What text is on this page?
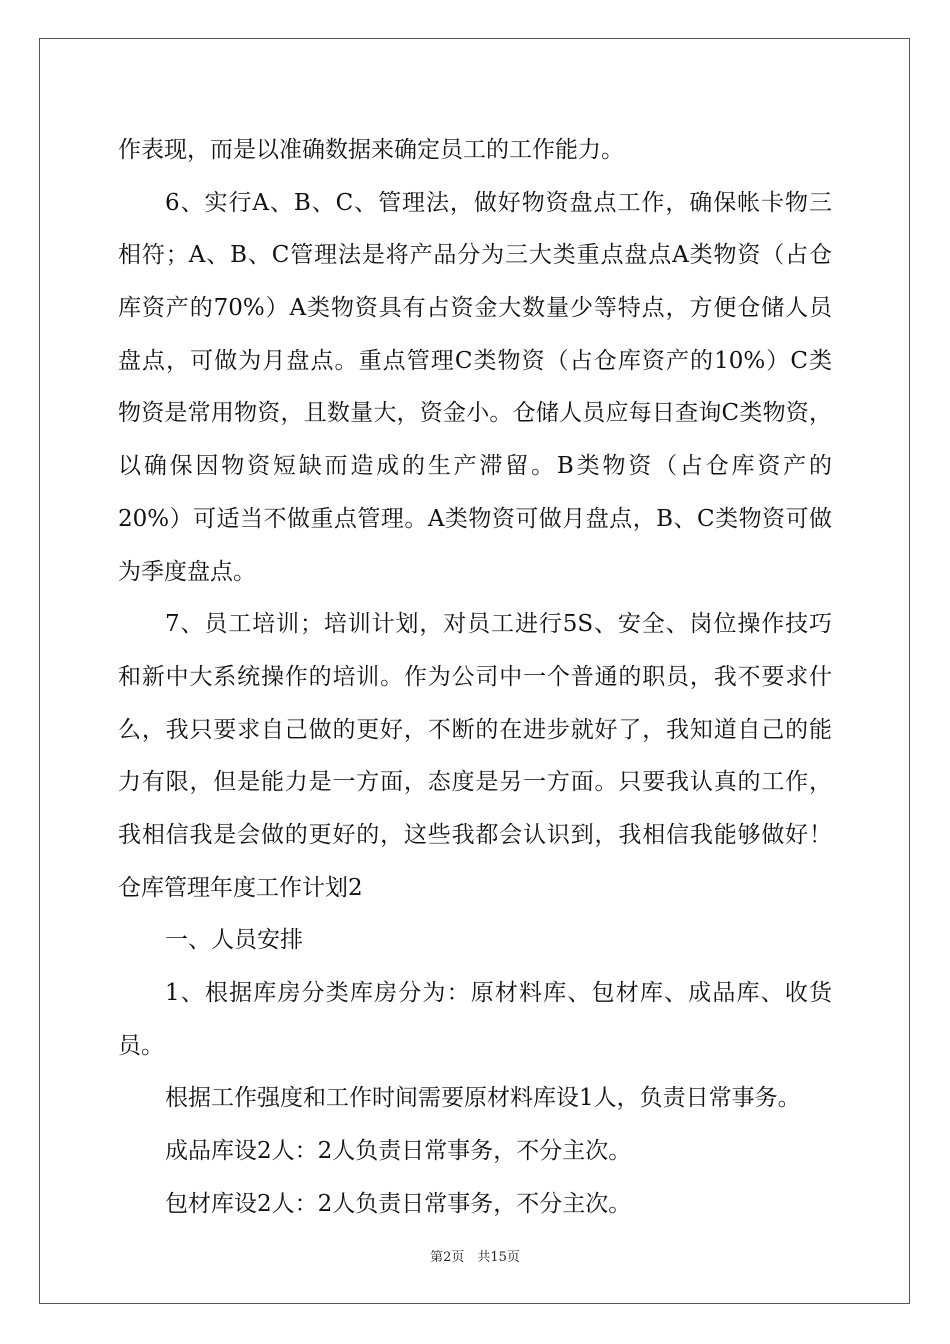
作表现，而是以准确数据来确定员工的工作能力。
6、实行A、B、C、管理法，做好物资盘点工作，确保帐卡物三
相符；A、B、C管理法是将产品分为三大类重点盘点A类物资（占仓
库资产的70%）A类物资具有占资金大数量少等特点，方便仓储人员
盘点，可做为月盘点。重点管理C类物资（占仓库资产的10%）C类
物资是常用物资，且数量大，资金小。仓储人员应每日查询C类物资，
以确保因物资短缺而造成的生产滞留。B类物资（占仓库资产的
20%）可适当不做重点管理。A类物资可做月盘点，B、C类物资可做
为季度盘点。
7、员工培训；培训计划，对员工进行5S、安全、岗位操作技巧
和新中大系统操作的培训。作为公司中一个普通的职员，我不要求什
么，我只要求自己做的更好，不断的在进步就好了，我知道自己的能
力有限，但是能力是一方面，态度是另一方面。只要我认真的工作，
我相信我是会做的更好的，这些我都会认识到，我相信我能够做好！
仓库管理年度工作计划2
一、人员安排
1、根据库房分类库房分为：原材料库、包材库、成品库、收货
员。
根据工作强度和工作时间需要原材料库设1人，负责日常事务。
成品库设2人：2人负责日常事务，不分主次。
包材库设2人：2人负责日常事务，不分主次。
第2页　共15页
